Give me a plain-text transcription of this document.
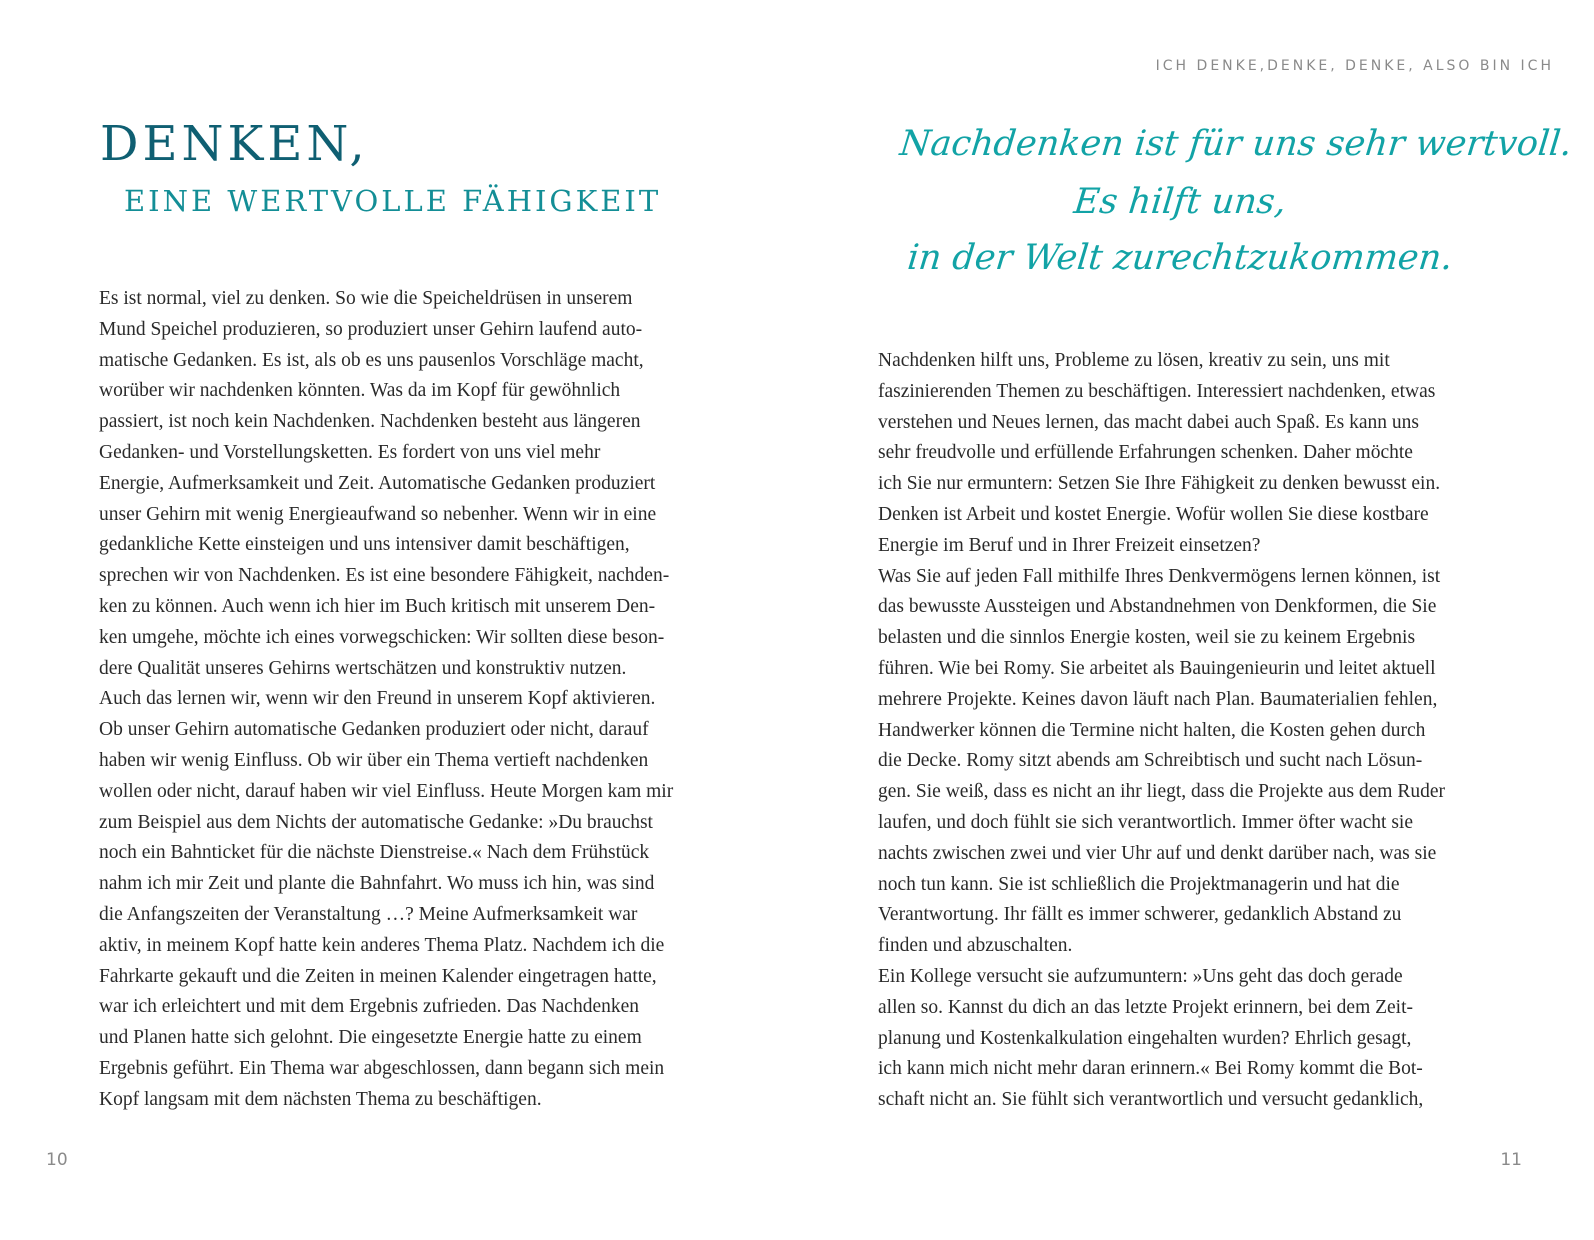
ICH DENKE,DENKE, DENKE, ALSO BIN ICH
DENKEN,
EINE WERTVOLLE FÄHIGKEIT
Nachdenken ist für uns sehr wertvoll.
Es hilft uns,
in der Welt zurechtzukommen.
Es ist normal, viel zu denken. So wie die Speicheldrüsen in unserem
Mund Speichel produzieren, so produziert unser Gehirn laufend auto-
matische Gedanken. Es ist, als ob es uns pausenlos Vorschläge macht,
worüber wir nachdenken könnten. Was da im Kopf für gewöhnlich
passiert, ist noch kein Nachdenken. Nachdenken besteht aus längeren
Gedanken- und Vorstellungsketten. Es fordert von uns viel mehr
Energie, Aufmerksamkeit und Zeit. Automatische Gedanken produziert
unser Gehirn mit wenig Energieaufwand so nebenher. Wenn wir in eine
gedankliche Kette einsteigen und uns intensiver damit beschäftigen,
sprechen wir von Nachdenken. Es ist eine besondere Fähigkeit, nachden-
ken zu können. Auch wenn ich hier im Buch kritisch mit unserem Den-
ken umgehe, möchte ich eines vorwegschicken: Wir sollten diese beson-
dere Qualität unseres Gehirns wertschätzen und konstruktiv nutzen.
Auch das lernen wir, wenn wir den Freund in unserem Kopf aktivieren.
Ob unser Gehirn automatische Gedanken produziert oder nicht, darauf
haben wir wenig Einfluss. Ob wir über ein Thema vertieft nachdenken
wollen oder nicht, darauf haben wir viel Einfluss. Heute Morgen kam mir
zum Beispiel aus dem Nichts der automatische Gedanke: »Du brauchst
noch ein Bahnticket für die nächste Dienstreise.« Nach dem Frühstück
nahm ich mir Zeit und plante die Bahnfahrt. Wo muss ich hin, was sind
die Anfangszeiten der Veranstaltung …? Meine Aufmerksamkeit war
aktiv, in meinem Kopf hatte kein anderes Thema Platz. Nachdem ich die
Fahrkarte gekauft und die Zeiten in meinen Kalender eingetragen hatte,
war ich erleichtert und mit dem Ergebnis zufrieden. Das Nachdenken
und Planen hatte sich gelohnt. Die eingesetzte Energie hatte zu einem
Ergebnis geführt. Ein Thema war abgeschlossen, dann begann sich mein
Kopf langsam mit dem nächsten Thema zu beschäftigen.
Nachdenken hilft uns, Probleme zu lösen, kreativ zu sein, uns mit
faszinierenden Themen zu beschäftigen. Interessiert nachdenken, etwas
verstehen und Neues lernen, das macht dabei auch Spaß. Es kann uns
sehr freudvolle und erfüllende Erfahrungen schenken. Daher möchte
ich Sie nur ermuntern: Setzen Sie Ihre Fähigkeit zu denken bewusst ein.
Denken ist Arbeit und kostet Energie. Wofür wollen Sie diese kostbare
Energie im Beruf und in Ihrer Freizeit einsetzen?
Was Sie auf jeden Fall mithilfe Ihres Denkvermögens lernen können, ist
das bewusste Aussteigen und Abstandnehmen von Denkformen, die Sie
belasten und die sinnlos Energie kosten, weil sie zu keinem Ergebnis
führen. Wie bei Romy. Sie arbeitet als Bauingenieurin und leitet aktuell
mehrere Projekte. Keines davon läuft nach Plan. Baumaterialien fehlen,
Handwerker können die Termine nicht halten, die Kosten gehen durch
die Decke. Romy sitzt abends am Schreibtisch und sucht nach Lösun-
gen. Sie weiß, dass es nicht an ihr liegt, dass die Projekte aus dem Ruder
laufen, und doch fühlt sie sich verantwortlich. Immer öfter wacht sie
nachts zwischen zwei und vier Uhr auf und denkt darüber nach, was sie
noch tun kann. Sie ist schließlich die Projektmanagerin und hat die
Verantwortung. Ihr fällt es immer schwerer, gedanklich Abstand zu
finden und abzuschalten.
Ein Kollege versucht sie aufzumuntern: »Uns geht das doch gerade
allen so. Kannst du dich an das letzte Projekt erinnern, bei dem Zeit-
planung und Kostenkalkulation eingehalten wurden? Ehrlich gesagt,
ich kann mich nicht mehr daran erinnern.« Bei Romy kommt die Bot-
schaft nicht an. Sie fühlt sich verantwortlich und versucht gedanklich,
10	11
